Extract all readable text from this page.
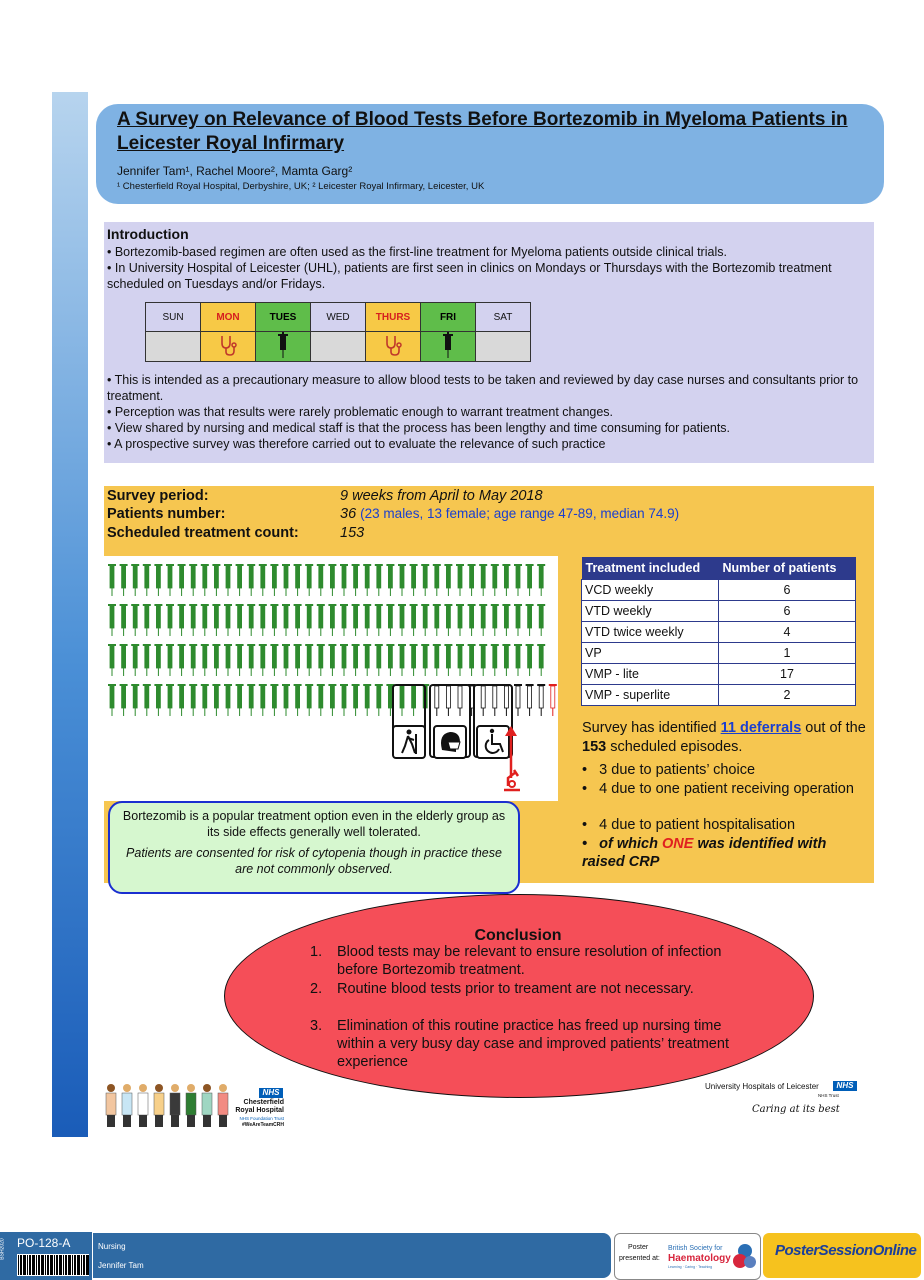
A Survey on Relevance of Blood Tests Before Bortezomib in Myeloma Patients in Leicester Royal Infirmary
Jennifer Tam¹, Rachel Moore², Mamta Garg²
¹ Chesterfield Royal Hospital, Derbyshire, UK; ² Leicester Royal Infirmary, Leicester, UK
Introduction
• Bortezomib-based regimen are often used as the first-line treatment for Myeloma patients outside clinical trials.
• In University Hospital of Leicester (UHL), patients are first seen in clinics on Mondays or Thursdays with the Bortezomib treatment scheduled on Tuesdays and/or Fridays.
• This is intended as a precautionary measure to allow blood tests to be taken and reviewed by day case nurses and consultants prior to treatment.
• Perception was that results were rarely problematic enough to warrant treatment changes.
• View shared by nursing and medical staff is that the process has been lengthy and time consuming for patients.
• A prospective survey was therefore carried out to evaluate the relevance of such practice
SUN	MON	TUES	WED	THURS	FRI	SAT

Survey period:	9 weeks from April to May 2018
Patients number:	36 (23 males, 13 female; age range 47-89, median 74.9)
Scheduled treatment count:	153
Treatment included	Number of patients
VCD weekly	6
VTD weekly	6
VTD twice weekly	4
VP	1
VMP - lite	17
VMP - superlite	2
Survey has identified 11 deferrals out of the 153 scheduled episodes.
•   3 due to patients’ choice
•   4 due to one patient receiving operation
•   4 due to patient hospitalisation
•   of which ONE was identified with raised CRP
Bortezomib is a popular treatment option even in the elderly group as its side effects generally well tolerated.
Patients are consented for risk of cytopenia though in practice these are not commonly observed.
Conclusion
1. Blood tests may be relevant to ensure resolution of infection before Bortezomib treatment.
2. Routine blood tests prior to treament are not necessary.
3. Elimination of this routine practice has freed up nursing time within a very busy day case and improved patients’ treatment experience
NHS
Chesterfield Royal Hospital
NHS Foundation Trust
#WeAreTeamCRH
University Hospitals of Leicester	NHS
NHS Trust
Caring at its best
PO-128-A
BSH2020	Nursing
Jennifer Tam
Poster
presented at:
British Society for
Haematology
Learning · Caring · Teaching
PosterSessionOnline
